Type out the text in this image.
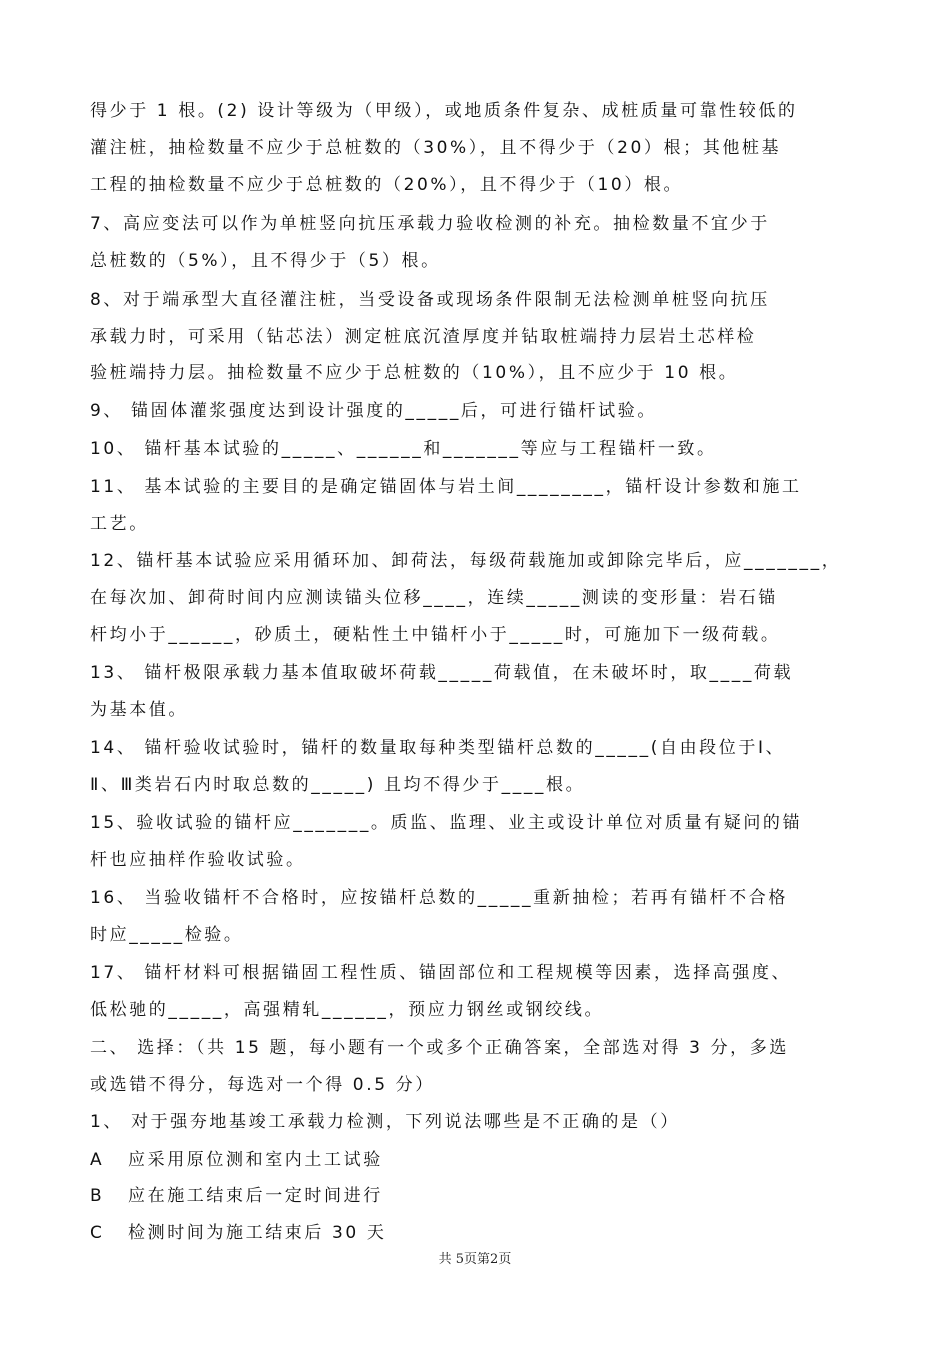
得少于 1 根。(2) 设计等级为（甲级），或地质条件复杂、成桩质量可靠性较低的
灌注桩，抽检数量不应少于总桩数的（30%），且不得少于（20）根；其他桩基
工程的抽检数量不应少于总桩数的（20%），且不得少于（10）根。
7、高应变法可以作为单桩竖向抗压承载力验收检测的补充。抽检数量不宜少于
总桩数的（5%），且不得少于（5）根。
8、对于端承型大直径灌注桩，当受设备或现场条件限制无法检测单桩竖向抗压
承载力时，可采用（钻芯法）测定桩底沉渣厚度并钻取桩端持力层岩土芯样检
验桩端持力层。抽检数量不应少于总桩数的（10%），且不应少于 10 根。
9、 锚固体灌浆强度达到设计强度的_____后，可进行锚杆试验。
10、 锚杆基本试验的_____、______和_______等应与工程锚杆一致。
11、 基本试验的主要目的是确定锚固体与岩土间________，锚杆设计参数和施工
工艺。
12、锚杆基本试验应采用循环加、卸荷法，每级荷载施加或卸除完毕后，应_______，
在每次加、卸荷时间内应测读锚头位移____，连续_____测读的变形量：岩石锚
杆均小于______，砂质土，硬粘性土中锚杆小于_____时，可施加下一级荷载。
13、 锚杆极限承载力基本值取破坏荷载_____荷载值，在未破坏时，取____荷载
为基本值。
14、 锚杆验收试验时，锚杆的数量取每种类型锚杆总数的_____(自由段位于Ⅰ、
Ⅱ、Ⅲ类岩石内时取总数的_____) 且均不得少于____根。
15、验收试验的锚杆应_______。质监、监理、业主或设计单位对质量有疑问的锚
杆也应抽样作验收试验。
16、 当验收锚杆不合格时，应按锚杆总数的_____重新抽检；若再有锚杆不合格
时应_____检验。
17、 锚杆材料可根据锚固工程性质、锚固部位和工程规模等因素，选择高强度、
低松驰的_____，高强精轧______，预应力钢丝或钢绞线。
二、 选择：（共 15 题，每小题有一个或多个正确答案，全部选对得 3 分，多选
或选错不得分，每选对一个得 0.5 分）
1、 对于强夯地基竣工承载力检测，下列说法哪些是不正确的是（）
A 应采用原位测和室内土工试验
B 应在施工结束后一定时间进行
C 检测时间为施工结束后 30 天
共 5页第2页
